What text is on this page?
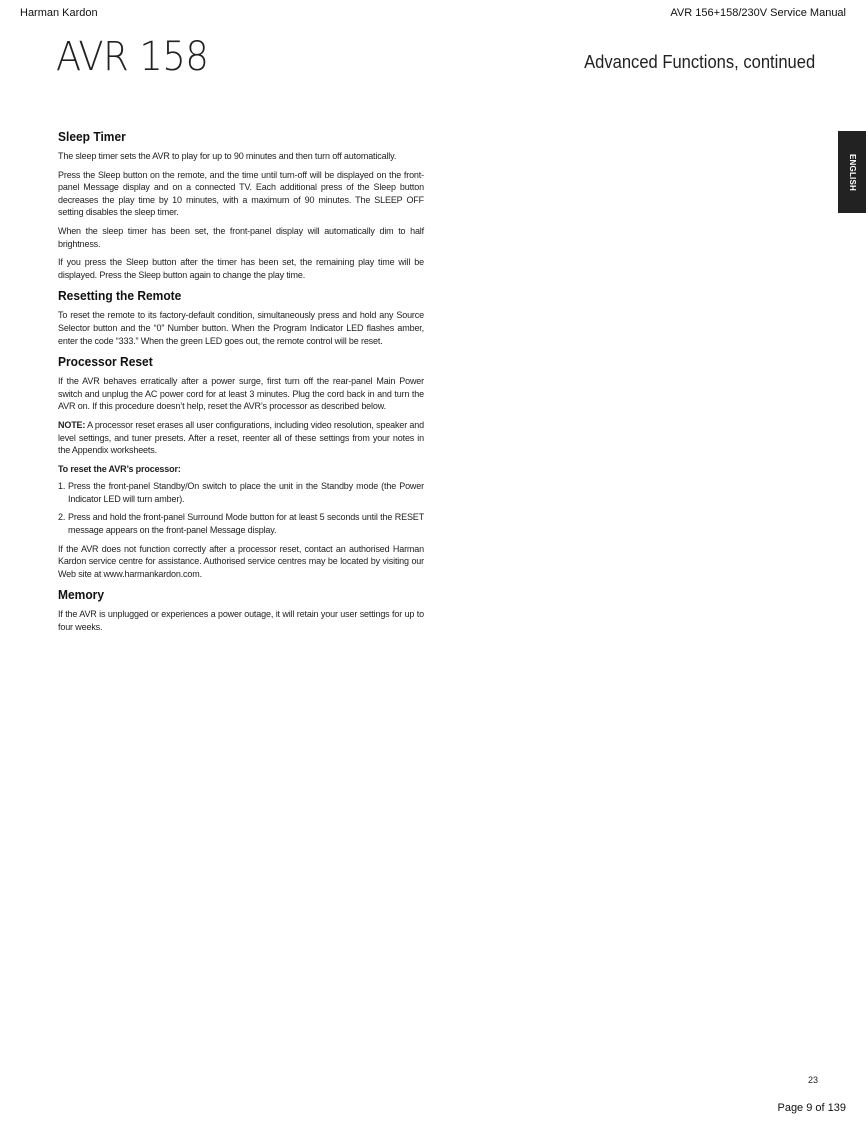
Harman Kardon	AVR 156+158/230V Service Manual
AVR 158	Advanced Functions, continued
ENGLISH
Sleep Timer

The sleep timer sets the AVR to play for up to 90 minutes and then turn off automatically.

Press the Sleep button on the remote, and the time until turn-off will be displayed on the front-panel Message display and on a connected TV. Each additional press of the Sleep button decreases the play time by 10 minutes, with a maximum of 90 minutes. The SLEEP OFF setting disables the sleep timer.

When the sleep timer has been set, the front-panel display will automatically dim to half brightness.

If you press the Sleep button after the timer has been set, the remaining play time will be displayed. Press the Sleep button again to change the play time.

Resetting the Remote

To reset the remote to its factory-default condition, simultaneously press and hold any Source Selector button and the “0” Number button. When the Program Indicator LED flashes amber, enter the code “333.” When the green LED goes out, the remote control will be reset.

Processor Reset

If the AVR behaves erratically after a power surge, first turn off the rear-panel Main Power switch and unplug the AC power cord for at least 3 minutes. Plug the cord back in and turn the AVR on. If this procedure doesn’t help, reset the AVR’s processor as described below.

NOTE: A processor reset erases all user configurations, including video resolution, speaker and level settings, and tuner presets. After a reset, reenter all of these settings from your notes in the Appendix worksheets.

To reset the AVR’s processor:

1. Press the front-panel Standby/On switch to place the unit in the Standby mode (the Power Indicator LED will turn amber).
2. Press and hold the front-panel Surround Mode button for at least 5 seconds until the RESET message appears on the front-panel Message display.

If the AVR does not function correctly after a processor reset, contact an authorised Harman Kardon service centre for assistance. Authorised service centres may be located by visiting our Web site at www.harmankardon.com.

Memory

If the AVR is unplugged or experiences a power outage, it will retain your user settings for up to four weeks.

23
Page 9 of 139
